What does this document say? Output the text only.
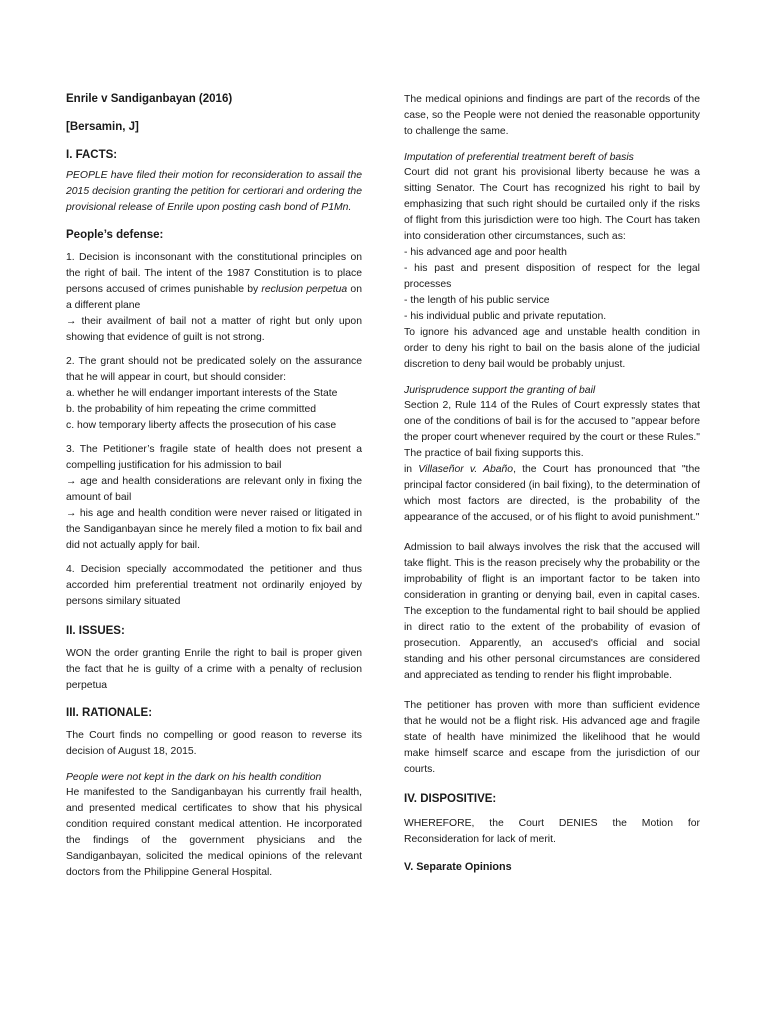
Enrile v Sandiganbayan (2016)
[Bersamin, J]
I. FACTS:

PEOPLE have filed their motion for reconsideration to assail the 2015 decision granting the petition for certiorari and ordering the provisional release of Enrile upon posting cash bond of P1Mn.

People’s defense:

1. Decision is inconsonant with the constitutional principles on the right of bail. The intent of the 1987 Constitution is to place persons accused of crimes punishable by reclusion perpetua on a different plane

→ their availment of bail not a matter of right but only upon showing that evidence of guilt is not strong.

2. The grant should not be predicated solely on the assurance that he will appear in court, but should consider:

a. whether he will endanger important interests of the State

b. the probability of him repeating the crime committed

c. how temporary liberty affects the prosecution of his case

3. The Petitioner’s fragile state of health does not present a compelling justification for his admission to bail

→ age and health considerations are relevant only in fixing the amount of bail

→ his age and health condition were never raised or litigated in the Sandiganbayan since he merely filed a motion to fix bail and did not actually apply for bail.

4. Decision specially accommodated the petitioner and thus accorded him preferential treatment not ordinarily enjoyed by persons similary situated

II. ISSUES:

WON the order granting Enrile the right to bail is proper given the fact that he is guilty of a crime with a penalty of reclusion perpetua

III. RATIONALE:

The Court finds no compelling or good reason to reverse its decision of August 18, 2015.

People were not kept in the dark on his health condition

He manifested to the Sandiganbayan his currently frail health, and presented medical certificates to show that his physical condition required constant medical attention. He incorporated the findings of the government physicians and the Sandiganbayan, solicited the medical opinions of the relevant doctors from the Philippine General Hospital.

The medical opinions and findings are part of the records of the case, so the People were not denied the reasonable opportunity to challenge the same.

Imputation of preferential treatment bereft of basis

Court did not grant his provisional liberty because he was a sitting Senator. The Court has recognized his right to bail by emphasizing that such right should be curtailed only if the risks of flight from this jurisdiction were too high. The Court has taken into consideration other circumstances, such as:

- his advanced age and poor health

- his past and present disposition of respect for the legal processes

- the length of his public service

- his individual public and private reputation.

To ignore his advanced age and unstable health condition in order to deny his right to bail on the basis alone of the judicial discretion to deny bail would be probably unjust.

Jurisprudence support the granting of bail

Section 2, Rule 114 of the Rules of Court expressly states that one of the conditions of bail is for the accused to "appear before the proper court whenever required by the court or these Rules." The practice of bail fixing supports this.

in Villaseñor v. Abaño, the Court has pronounced that "the principal factor considered (in bail fixing), to the determination of which most factors are directed, is the probability of the appearance of the accused, or of his flight to avoid punishment."

Admission to bail always involves the risk that the accused will take flight. This is the reason precisely why the probability or the improbability of flight is an important factor to be taken into consideration in granting or denying bail, even in capital cases. The exception to the fundamental right to bail should be applied in direct ratio to the extent of the probability of evasion of prosecution. Apparently, an accused's official and social standing and his other personal circumstances are considered and appreciated as tending to render his flight improbable.

The petitioner has proven with more than sufficient evidence that he would not be a flight risk. His advanced age and fragile state of health have minimized the likelihood that he would make himself scarce and escape from the jurisdiction of our courts.

IV. DISPOSITIVE:

WHEREFORE, the Court DENIES the Motion for Reconsideration for lack of merit.

V. Separate Opinions
